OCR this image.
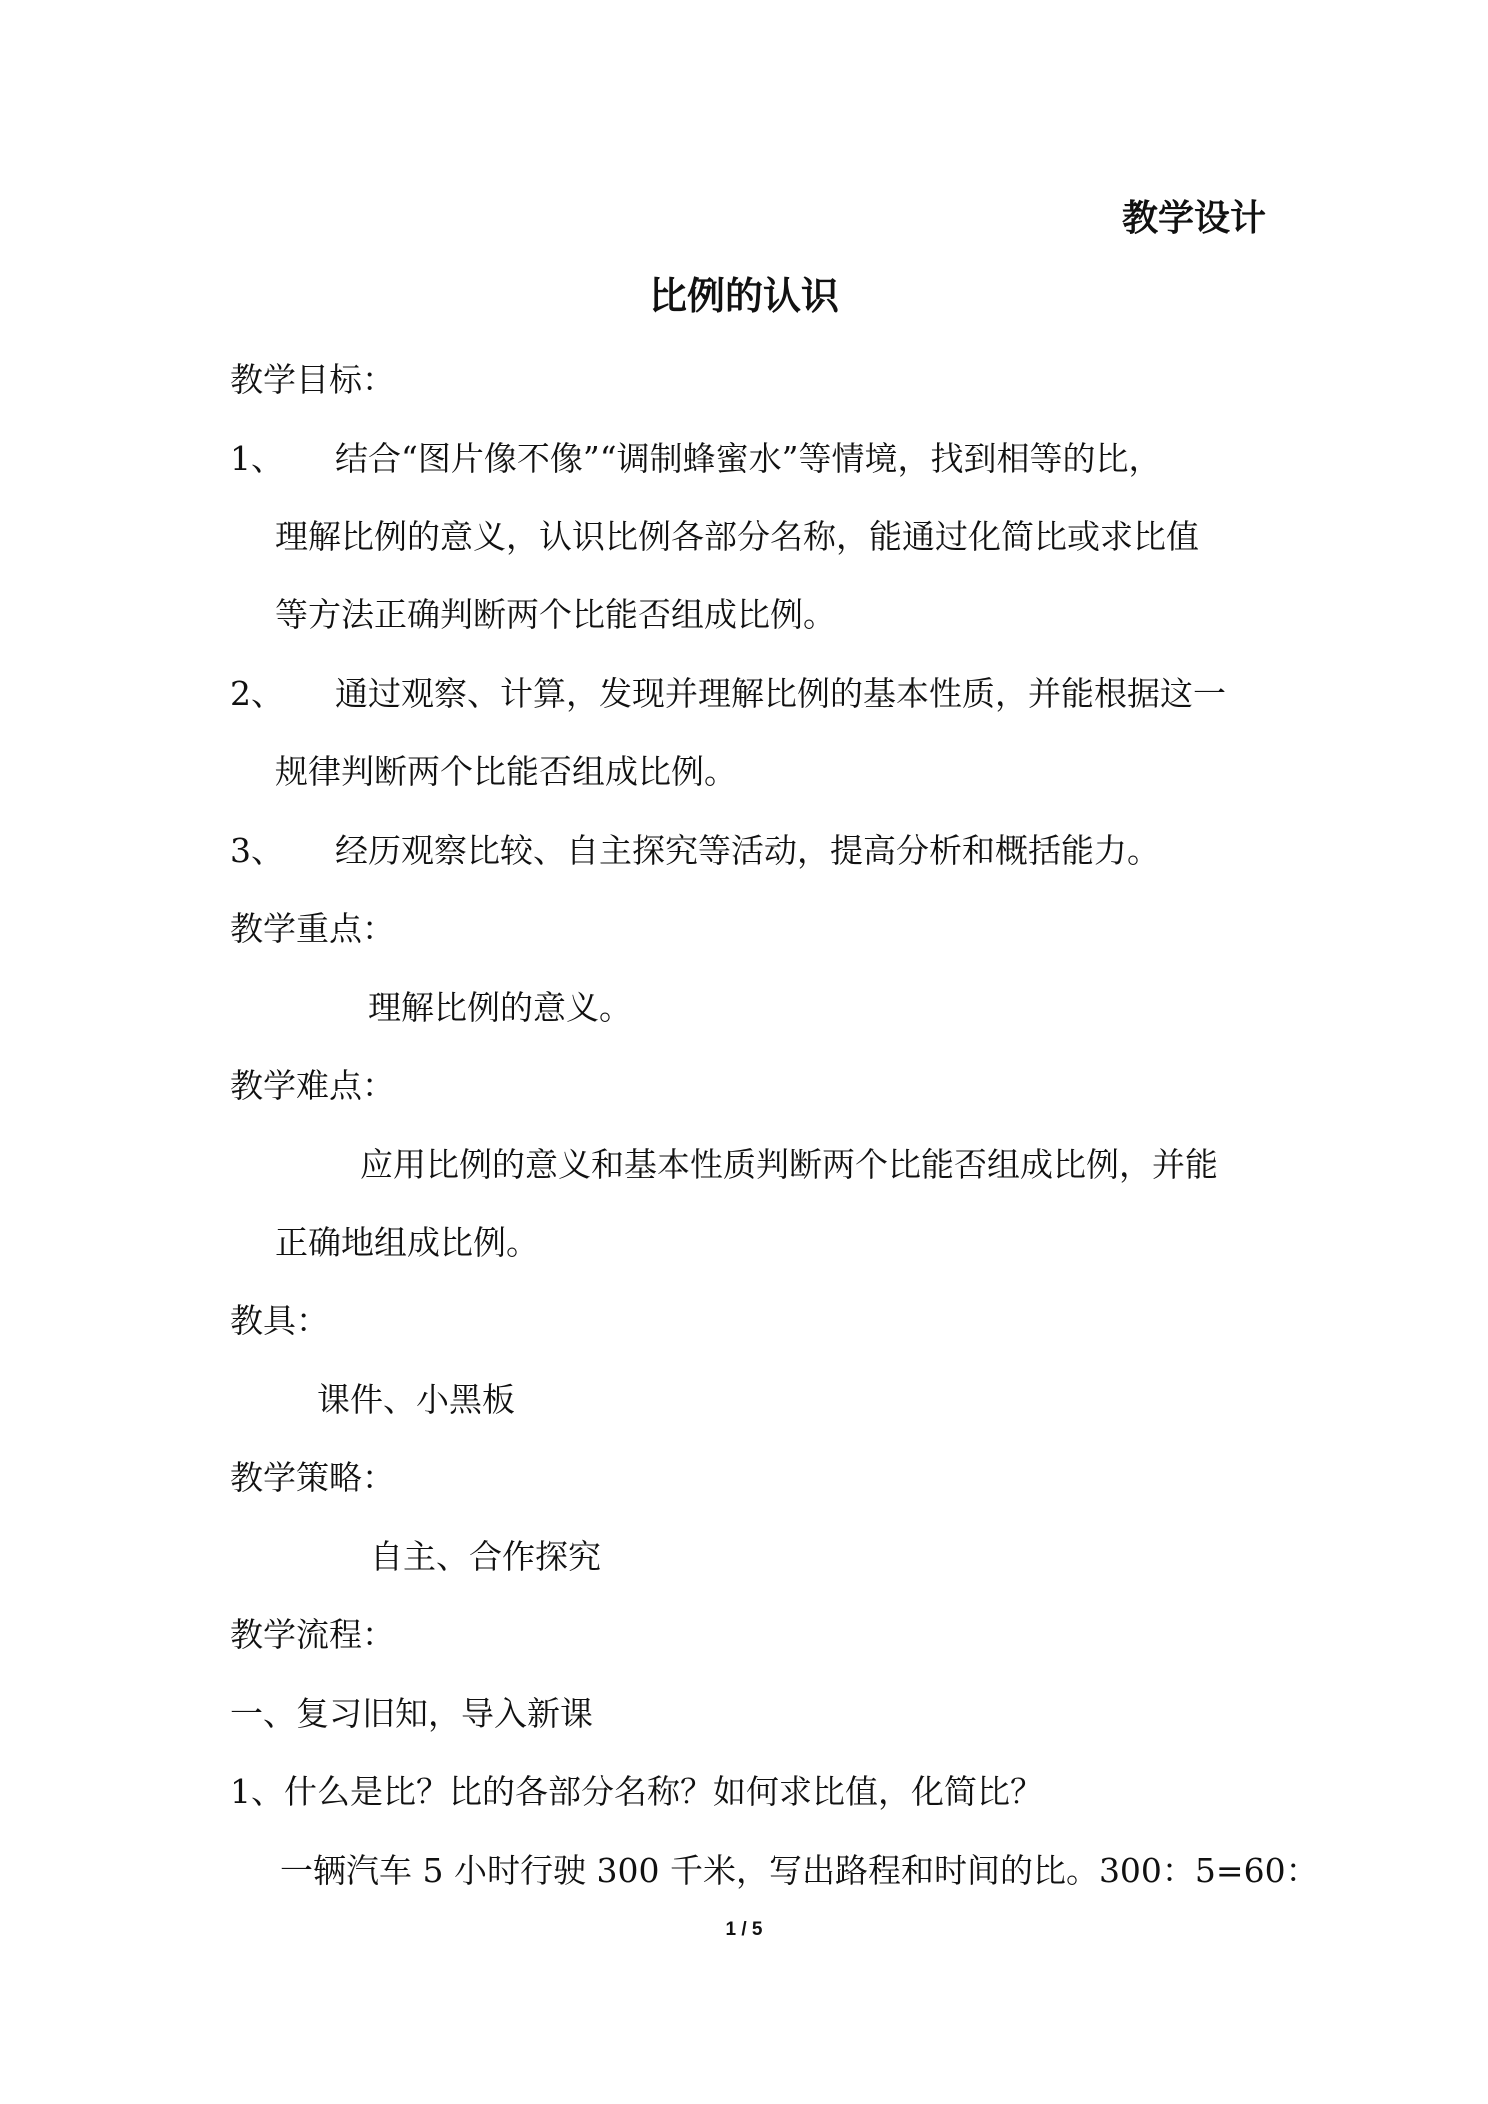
教学设计
比例的认识
教学目标：
1、 结合“图片像不像”“调制蜂蜜水”等情境，找到相等的比，
理解比例的意义，认识比例各部分名称，能通过化简比或求比值
等方法正确判断两个比能否组成比例。
2、 通过观察、计算，发现并理解比例的基本性质，并能根据这一
规律判断两个比能否组成比例。
3、 经历观察比较、自主探究等活动，提高分析和概括能力。
教学重点：
理解比例的意义。
教学难点：
应用比例的意义和基本性质判断两个比能否组成比例，并能
正确地组成比例。
教具：
课件、小黑板
教学策略：
自主、合作探究
教学流程：
一、复习旧知，导入新课
1、什么是比？比的各部分名称？如何求比值，化简比？
一辆汽车 5 小时行驶 300 千米，写出路程和时间的比。300：5=60：
1 / 5
